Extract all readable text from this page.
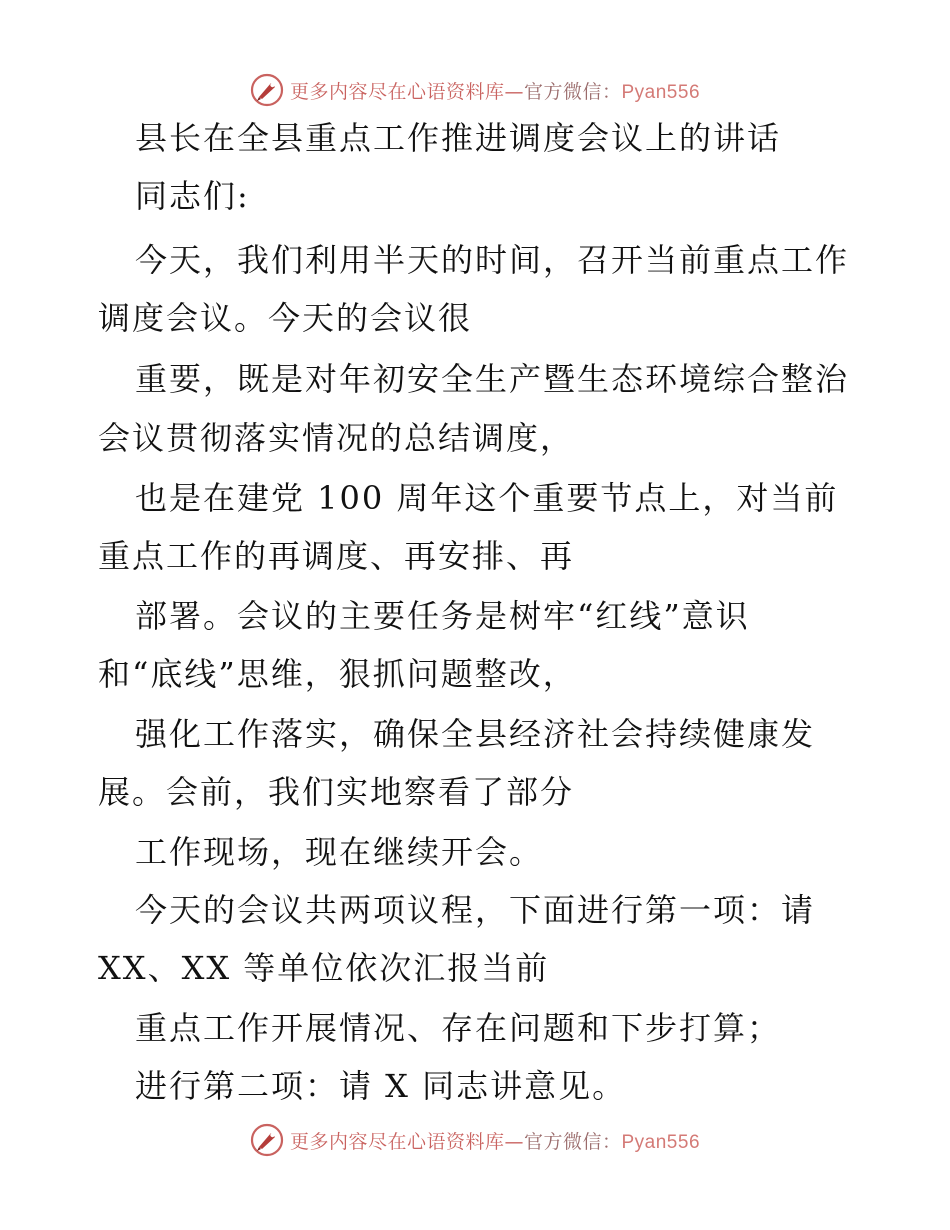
更多内容尽在心语资料库—官方微信：Pyan556
县长在全县重点工作推进调度会议上的讲话
同志们:
今天，我们利用半天的时间，召开当前重点工作
调度会议。今天的会议很
重要，既是对年初安全生产暨生态环境综合整治
会议贯彻落实情况的总结调度，
也是在建党 100 周年这个重要节点上，对当前
重点工作的再调度、再安排、再
部署。会议的主要任务是树牢“红线”意识
和“底线”思维，狠抓问题整改，
强化工作落实，确保全县经济社会持续健康发
展。会前，我们实地察看了部分
工作现场，现在继续开会。
今天的会议共两项议程，下面进行第一项：请
XX、XX 等单位依次汇报当前
重点工作开展情况、存在问题和下步打算；
进行第二项：请 X 同志讲意见。
更多内容尽在心语资料库—官方微信：Pyan556
